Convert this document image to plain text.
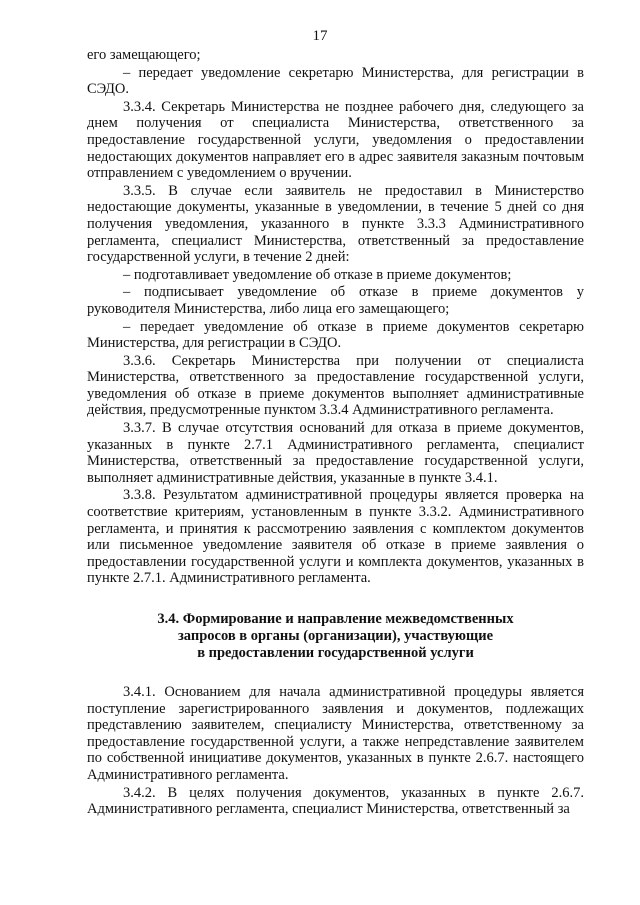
17

его замещающего;

– передает уведомление секретарю Министерства, для регистрации в СЭДО.

3.3.4. Секретарь Министерства не позднее рабочего дня, следующего за днем получения от специалиста Министерства, ответственного за предоставление государственной услуги, уведомления о предоставлении недостающих документов направляет его в адрес заявителя заказным почтовым отправлением с уведомлением о вручении.

3.3.5. В случае если заявитель не предоставил в Министерство недостающие документы, указанные в уведомлении, в течение 5 дней со дня получения уведомления, указанного в пункте 3.3.3 Административного регламента, специалист Министерства, ответственный за предоставление государственной услуги, в течение 2 дней:

– подготавливает уведомление об отказе в приеме документов;

– подписывает уведомление об отказе в приеме документов у руководителя Министерства, либо лица его замещающего;

– передает уведомление об отказе в приеме документов секретарю Министерства, для регистрации в СЭДО.

3.3.6. Секретарь Министерства при получении от специалиста Министерства, ответственного за предоставление государственной услуги, уведомления об отказе в приеме документов выполняет административные действия, предусмотренные пунктом 3.3.4 Административного регламента.

3.3.7. В случае отсутствия оснований для отказа в приеме документов, указанных в пункте 2.7.1 Административного регламента, специалист Министерства, ответственный за предоставление государственной услуги, выполняет административные действия, указанные в пункте 3.4.1.

3.3.8. Результатом административной процедуры является проверка на соответствие критериям, установленным в пункте 3.3.2. Административного регламента, и принятия к рассмотрению заявления с комплектом документов или письменное уведомление заявителя об отказе в приеме заявления о предоставлении государственной услуги и комплекта документов, указанных в пункте 2.7.1. Административного регламента.

3.4. Формирование и направление межведомственных
запросов в органы (организации), участвующие
в предоставлении государственной услуги

3.4.1. Основанием для начала административной процедуры является поступление зарегистрированного заявления и документов, подлежащих представлению заявителем, специалисту Министерства, ответственному за предоставление государственной услуги, а также непредставление заявителем по собственной инициативе документов, указанных в пункте 2.6.7. настоящего Административного регламента.

3.4.2. В целях получения документов, указанных в пункте 2.6.7. Административного регламента, специалист Министерства, ответственный за
